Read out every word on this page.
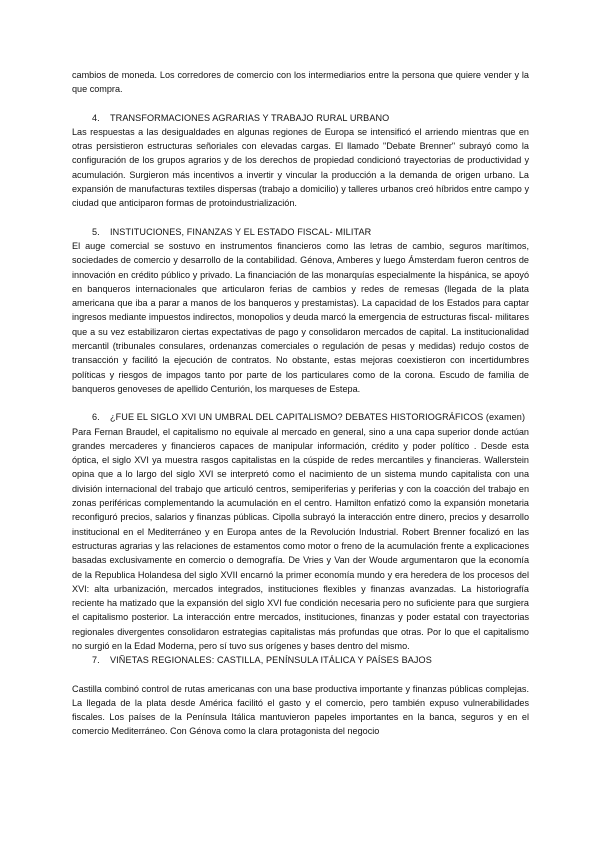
cambios de moneda. Los corredores de comercio con los intermediarios entre la persona que quiere vender y la que compra.

4.	TRANSFORMACIONES AGRARIAS Y TRABAJO RURAL URBANO

Las respuestas a las desigualdades en algunas regiones de Europa se intensificó el arriendo mientras que en otras persistieron estructuras señoriales con elevadas cargas. El llamado "Debate Brenner" subrayó como la configuración de los grupos agrarios y de los derechos de propiedad condicionó trayectorias de productividad y acumulación. Surgieron más incentivos a invertir y vincular la producción a la demanda de origen urbano. La expansión de manufacturas textiles dispersas (trabajo a domicilio) y talleres urbanos creó híbridos entre campo y ciudad que anticiparon formas de protoindustrialización.

5.	INSTITUCIONES, FINANZAS Y EL ESTADO FISCAL- MILITAR

El auge comercial se sostuvo en instrumentos financieros como las letras de cambio, seguros marítimos, sociedades de comercio y desarrollo de la contabilidad. Génova, Amberes y luego Ámsterdam fueron centros de innovación en crédito público y privado. La financiación de las monarquías especialmente la hispánica, se apoyó en banqueros internacionales que articularon ferias de cambios y redes de remesas (llegada de la plata americana que iba a parar a manos de los banqueros y prestamistas). La capacidad de los Estados para captar ingresos mediante impuestos indirectos, monopolios y deuda marcó la emergencia de estructuras fiscal- militares que a su vez estabilizaron ciertas expectativas de pago y consolidaron mercados de capital. La institucionalidad mercantil (tribunales consulares, ordenanzas comerciales o regulación de pesas y medidas) redujo costos de transacción y facilitó la ejecución de contratos. No obstante, estas mejoras coexistieron con incertidumbres políticas y riesgos de impagos tanto por parte de los particulares como de la corona. Escudo de familia de banqueros genoveses de apellido Centurión, los marqueses de Estepa.

6.	¿FUE EL SIGLO XVI UN UMBRAL DEL CAPITALISMO? DEBATES HISTORIOGRÁFICOS (examen)

Para Fernan Braudel, el capitalismo no equivale al mercado en general, sino a una capa superior donde actúan grandes mercaderes y financieros capaces de manipular información, crédito y poder político . Desde esta óptica, el siglo XVI ya muestra rasgos capitalistas en la cúspide de redes mercantiles y financieras. Wallerstein opina que a lo largo del siglo XVI se interpretó como el nacimiento de un sistema mundo capitalista con una división internacional del trabajo que articuló centros, semiperiferias y periferias y con la coacción del trabajo en zonas periféricas complementando la acumulación en el centro. Hamilton enfatizó como la expansión monetaria reconfiguró precios, salarios y finanzas públicas. Cipolla subrayó la interacción entre dinero, precios y desarrollo institucional en el Mediterráneo y en Europa antes de la Revolución Industrial. Robert Brenner focalizó en las estructuras agrarias y las relaciones de estamentos como motor o freno de la acumulación frente a explicaciones basadas exclusivamente en comercio o demografía. De Vries y Van der Woude argumentaron que la economía de la Republica Holandesa del siglo XVII encarnó la primer economía mundo y era heredera de los procesos del XVI: alta urbanización, mercados integrados, instituciones flexibles y finanzas avanzadas. La historiografía reciente ha matizado que la expansión del siglo XVI fue condición necesaria pero no suficiente para que surgiera el capitalismo posterior. La interacción entre mercados, instituciones, finanzas y poder estatal con trayectorias regionales divergentes consolidaron estrategias capitalistas más profundas que otras. Por lo que el capitalismo no surgió en la Edad Moderna, pero sí tuvo sus orígenes y bases dentro del mismo.

7.	VIÑETAS REGIONALES: CASTILLA, PENÍNSULA ITÁLICA Y PAÍSES BAJOS

Castilla combinó control de rutas americanas con una base productiva importante y finanzas públicas complejas. La llegada de la plata desde América facilitó el gasto y el comercio, pero también expuso vulnerabilidades fiscales. Los países de la Península Itálica mantuvieron papeles importantes en la banca, seguros y en el comercio Mediterráneo. Con Génova como la clara protagonista del negocio
